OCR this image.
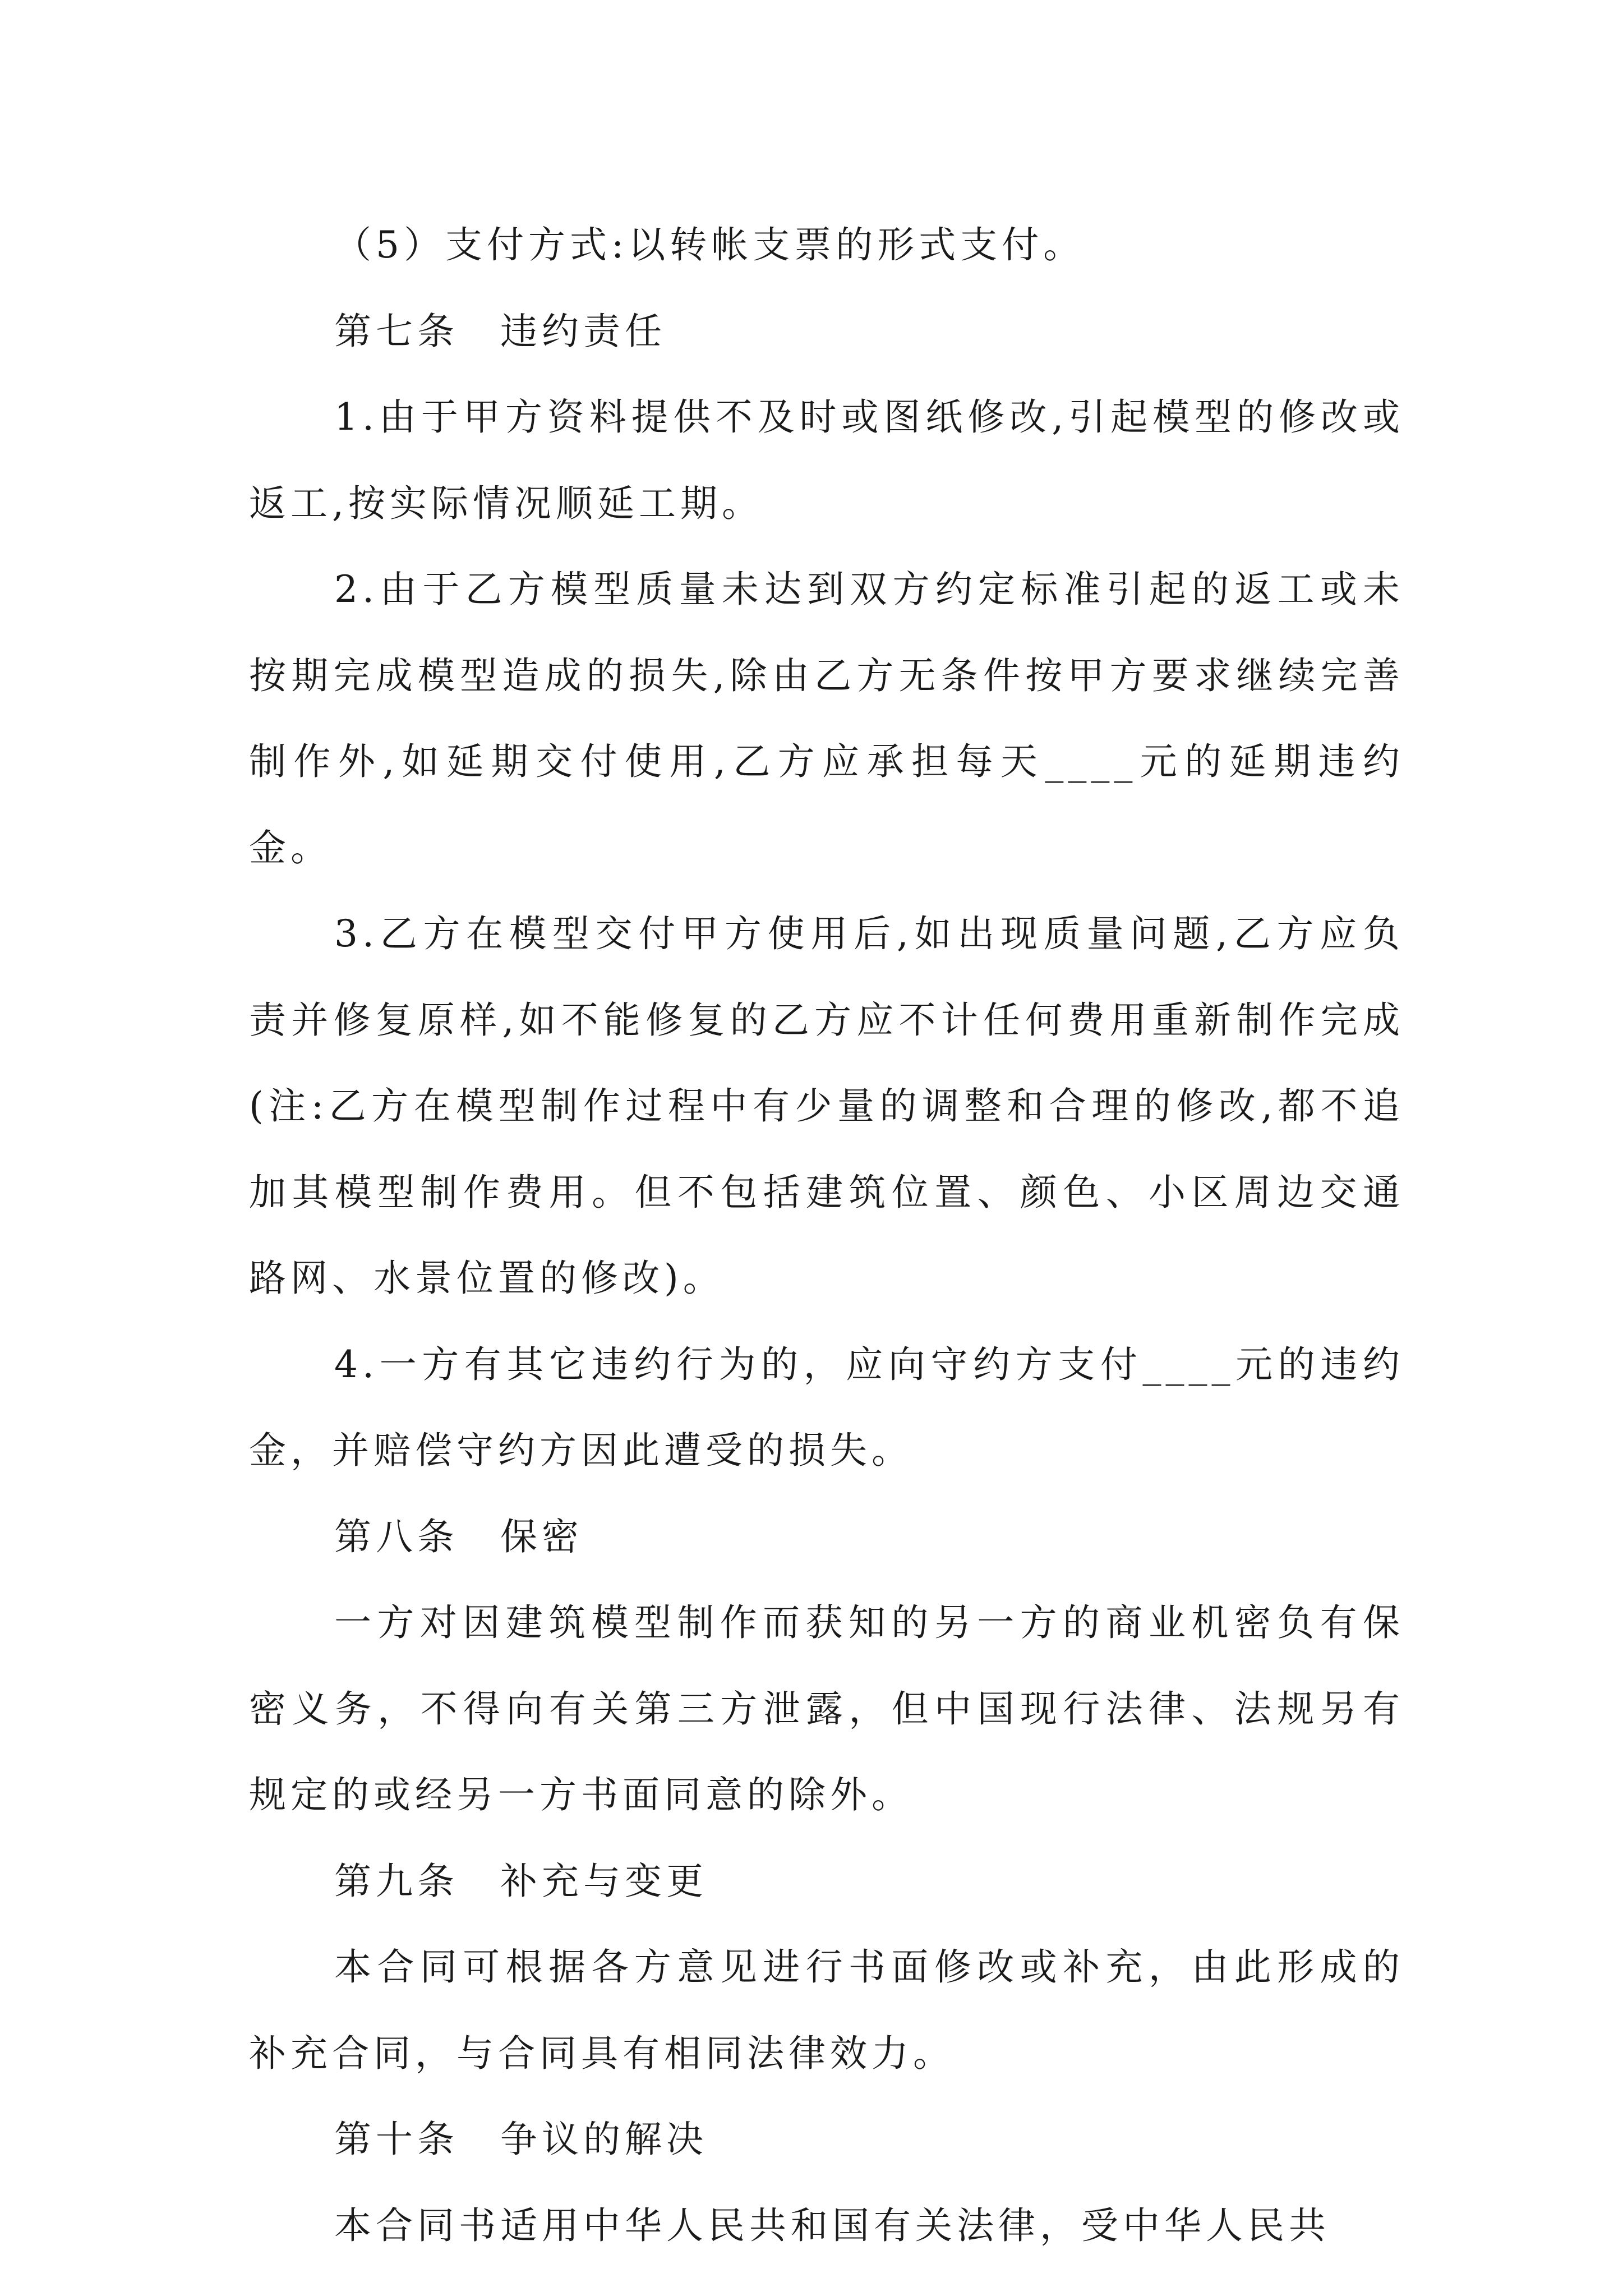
（5）支付方式:以转帐支票的形式支付。

第七条　违约责任

1.由于甲方资料提供不及时或图纸修改,引起模型的修改或返工,按实际情况顺延工期。

2.由于乙方模型质量未达到双方约定标准引起的返工或未按期完成模型造成的损失,除由乙方无条件按甲方要求继续完善制作外,如延期交付使用,乙方应承担每天____元的延期违约金。

3.乙方在模型交付甲方使用后,如出现质量问题,乙方应负责并修复原样,如不能修复的乙方应不计任何费用重新制作完成(注:乙方在模型制作过程中有少量的调整和合理的修改,都不追加其模型制作费用。但不包括建筑位置、颜色、小区周边交通路网、水景位置的修改)。

4.一方有其它违约行为的，应向守约方支付____元的违约金，并赔偿守约方因此遭受的损失。

第八条　保密

一方对因建筑模型制作而获知的另一方的商业机密负有保密义务，不得向有关第三方泄露，但中国现行法律、法规另有规定的或经另一方书面同意的除外。

第九条　补充与变更

本合同可根据各方意见进行书面修改或补充，由此形成的补充合同，与合同具有相同法律效力。

第十条　争议的解决

本合同书适用中华人民共和国有关法律，受中华人民共
